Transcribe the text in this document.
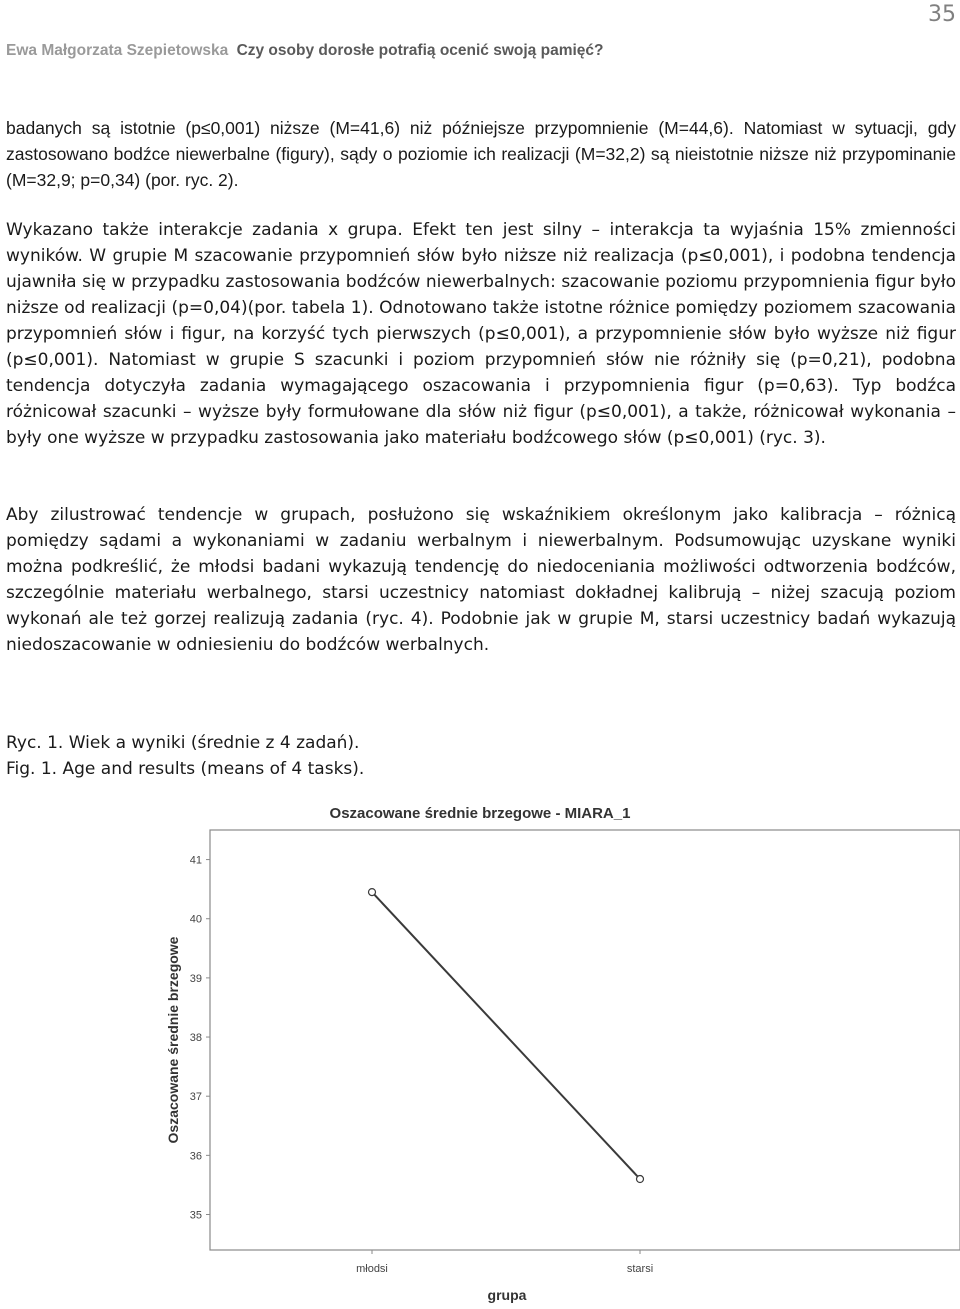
35
Ewa Małgorzata Szepietowska Czy osoby dorosłe potrafią ocenić swoją pamięć?
badanych są istotnie (p≤0,001) niższe (M=41,6) niż późniejsze przypomnienie (M=44,6). Natomiast w sytuacji, gdy zastosowano bodźce niewerbalne (figury), sądy o poziomie ich realizacji (M=32,2) są nieistotnie niższe niż przypominanie (M=32,9; p=0,34) (por. ryc. 2).
Wykazano także interakcje zadania x grupa. Efekt ten jest silny – interakcja ta wyjaśnia 15% zmienności wyników. W grupie M szacowanie przypomnień słów było niższe niż realizacja (p≤0,001), i podobna tendencja ujawniła się w przypadku zastosowania bodźców niewerbalnych: szacowanie poziomu przypomnienia figur było niższe od realizacji (p=0,04)(por. tabela 1). Odnotowano także istotne różnice pomiędzy poziomem szacowania przypomnień słów i figur, na korzyść tych pierwszych (p≤0,001), a przypomnienie słów było wyższe niż figur (p≤0,001). Natomiast w grupie S szacunki i poziom przypomnień słów nie różniły się (p=0,21), podobna tendencja dotyczyła zadania wymagającego oszacowania i przypomnienia figur (p=0,63). Typ bodźca różnicował szacunki – wyższe były formułowane dla słów niż figur (p≤0,001), a także, różnicował wykonania – były one wyższe w przypadku zastosowania jako materiału bodźcowego słów (p≤0,001) (ryc. 3).
Aby zilustrować tendencje w grupach, posłużono się wskaźnikiem określonym jako kalibracja – różnicą pomiędzy sądami a wykonaniami w zadaniu werbalnym i niewerbalnym. Podsumowując uzyskane wyniki można podkreślić, że młodsi badani wykazują tendencję do niedoceniania możliwości odtworzenia bodźców, szczególnie materiału werbalnego, starsi uczestnicy natomiast dokładnej kalibrują – niżej szacują poziom wykonań ale też gorzej realizują zadania (ryc. 4). Podobnie jak w grupie M, starsi uczestnicy badań wykazują niedoszacowanie w odniesieniu do bodźców werbalnych.
Ryc. 1. Wiek a wyniki (średnie z 4 zadań).
Fig. 1. Age and results (means of 4 tasks).
Oszacowane średnie brzegowe - MIARA_1
Oszacowane średnie brzegowe
grupa
35
36
37
38
39
40
41
młodsi	starsi
